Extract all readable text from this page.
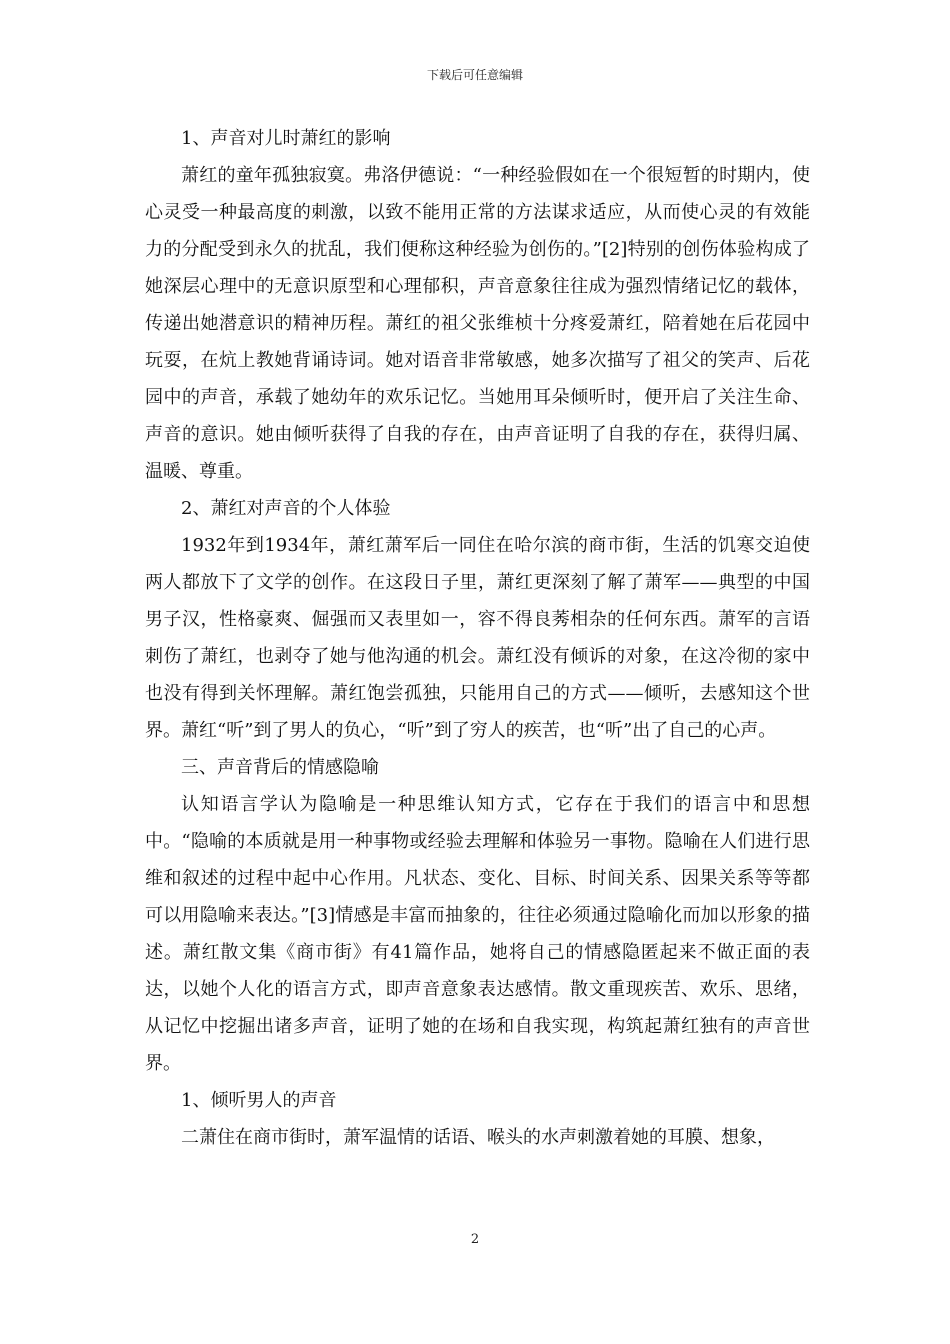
下载后可任意编辑

1、声音对儿时萧红的影响

萧红的童年孤独寂寞。弗洛伊德说：“一种经验假如在一个很短暂的时期内，使心灵受一种最高度的刺激，以致不能用正常的方法谋求适应，从而使心灵的有效能力的分配受到永久的扰乱，我们便称这种经验为创伤的。”[2]特别的创伤体验构成了她深层心理中的无意识原型和心理郁积，声音意象往往成为强烈情绪记忆的载体，传递出她潜意识的精神历程。萧红的祖父张维桢十分疼爱萧红，陪着她在后花园中玩耍，在炕上教她背诵诗词。她对语音非常敏感，她多次描写了祖父的笑声、后花园中的声音，承载了她幼年的欢乐记忆。当她用耳朵倾听时，便开启了关注生命、声音的意识。她由倾听获得了自我的存在，由声音证明了自我的存在，获得归属、温暖、尊重。

2、萧红对声音的个人体验

1932年到1934年，萧红萧军后一同住在哈尔滨的商市街，生活的饥寒交迫使两人都放下了文学的创作。在这段日子里，萧红更深刻了解了萧军——典型的中国男子汉，性格豪爽、倔强而又表里如一，容不得良莠相杂的任何东西。萧军的言语刺伤了萧红，也剥夺了她与他沟通的机会。萧红没有倾诉的对象，在这冷彻的家中也没有得到关怀理解。萧红饱尝孤独，只能用自己的方式——倾听，去感知这个世界。萧红“听”到了男人的负心，“听”到了穷人的疾苦，也“听”出了自己的心声。

三、声音背后的情感隐喻

认知语言学认为隐喻是一种思维认知方式，它存在于我们的语言中和思想中。“隐喻的本质就是用一种事物或经验去理解和体验另一事物。隐喻在人们进行思维和叙述的过程中起中心作用。凡状态、变化、目标、时间关系、因果关系等等都可以用隐喻来表达。”[3]情感是丰富而抽象的，往往必须通过隐喻化而加以形象的描述。萧红散文集《商市街》有41篇作品，她将自己的情感隐匿起来不做正面的表达，以她个人化的语言方式，即声音意象表达感情。散文重现疾苦、欢乐、思绪，从记忆中挖掘出诸多声音，证明了她的在场和自我实现，构筑起萧红独有的声音世界。

1、倾听男人的声音

二萧住在商市街时，萧军温情的话语、喉头的水声刺激着她的耳膜、想象，

2
